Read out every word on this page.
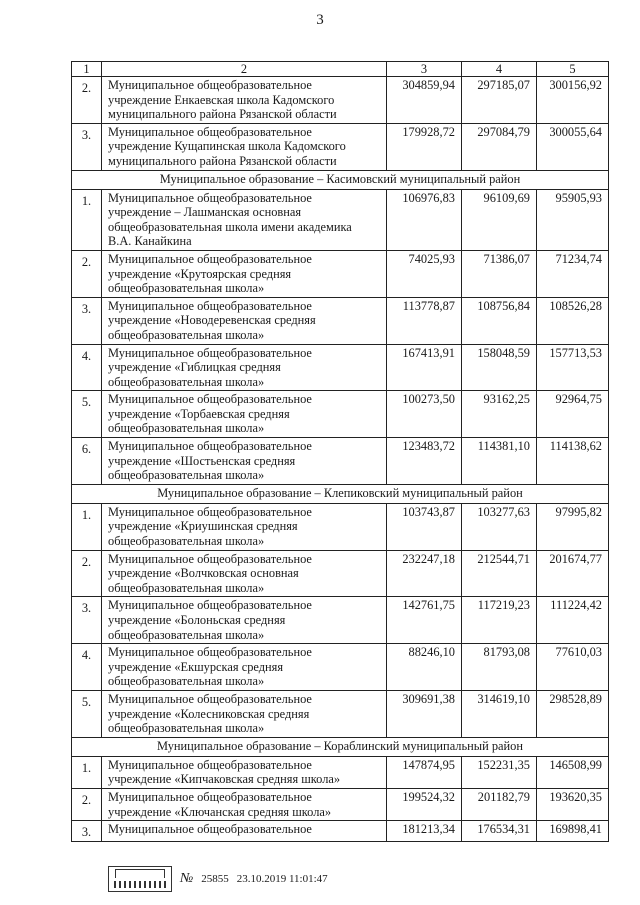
3
1	2	3	4	5
2.	Муниципальное общеобразовательное
учреждение Енкаевская школа Кадомского
муниципального района Рязанской области	304859,94	297185,07	300156,92
3.	Муниципальное общеобразовательное
учреждение Кущапинская школа Кадомского
муниципального района Рязанской области	179928,72	297084,79	300055,64
Муниципальное образование – Касимовский муниципальный район				
1.	Муниципальное общеобразовательное
учреждение – Лашманская основная
общеобразовательная школа имени академика
В.А. Канайкина	106976,83	96109,69	95905,93
2.	Муниципальное общеобразовательное
учреждение «Крутоярская средняя
общеобразовательная школа»	74025,93	71386,07	71234,74
3.	Муниципальное общеобразовательное
учреждение «Новодеревенская средняя
общеобразовательная школа»	113778,87	108756,84	108526,28
4.	Муниципальное общеобразовательное
учреждение «Гиблицкая средняя
общеобразовательная школа»	167413,91	158048,59	157713,53
5.	Муниципальное общеобразовательное
учреждение «Торбаевская средняя
общеобразовательная школа»	100273,50	93162,25	92964,75
6.	Муниципальное общеобразовательное
учреждение «Шостьенская средняя
общеобразовательная школа»	123483,72	114381,10	114138,62
Муниципальное образование – Клепиковский муниципальный район				
1.	Муниципальное общеобразовательное
учреждение «Криушинская средняя
общеобразовательная школа»	103743,87	103277,63	97995,82
2.	Муниципальное общеобразовательное
учреждение «Волчковская основная
общеобразовательная школа»	232247,18	212544,71	201674,77
3.	Муниципальное общеобразовательное
учреждение «Болоньская средняя
общеобразовательная школа»	142761,75	117219,23	111224,42
4.	Муниципальное общеобразовательное
учреждение «Екшурская средняя
общеобразовательная школа»	88246,10	81793,08	77610,03
5.	Муниципальное общеобразовательное
учреждение «Колесниковская средняя
общеобразовательная школа»	309691,38	314619,10	298528,89
Муниципальное образование – Кораблинский муниципальный район				
1.	Муниципальное общеобразовательное
учреждение «Кипчаковская средняя школа»	147874,95	152231,35	146508,99
2.	Муниципальное общеобразовательное
учреждение «Ключанская средняя школа»	199524,32	201182,79	193620,35
3.	Муниципальное общеобразовательное	181213,34	176534,31	169898,41
№ 25855 23.10.2019 11:01:47
